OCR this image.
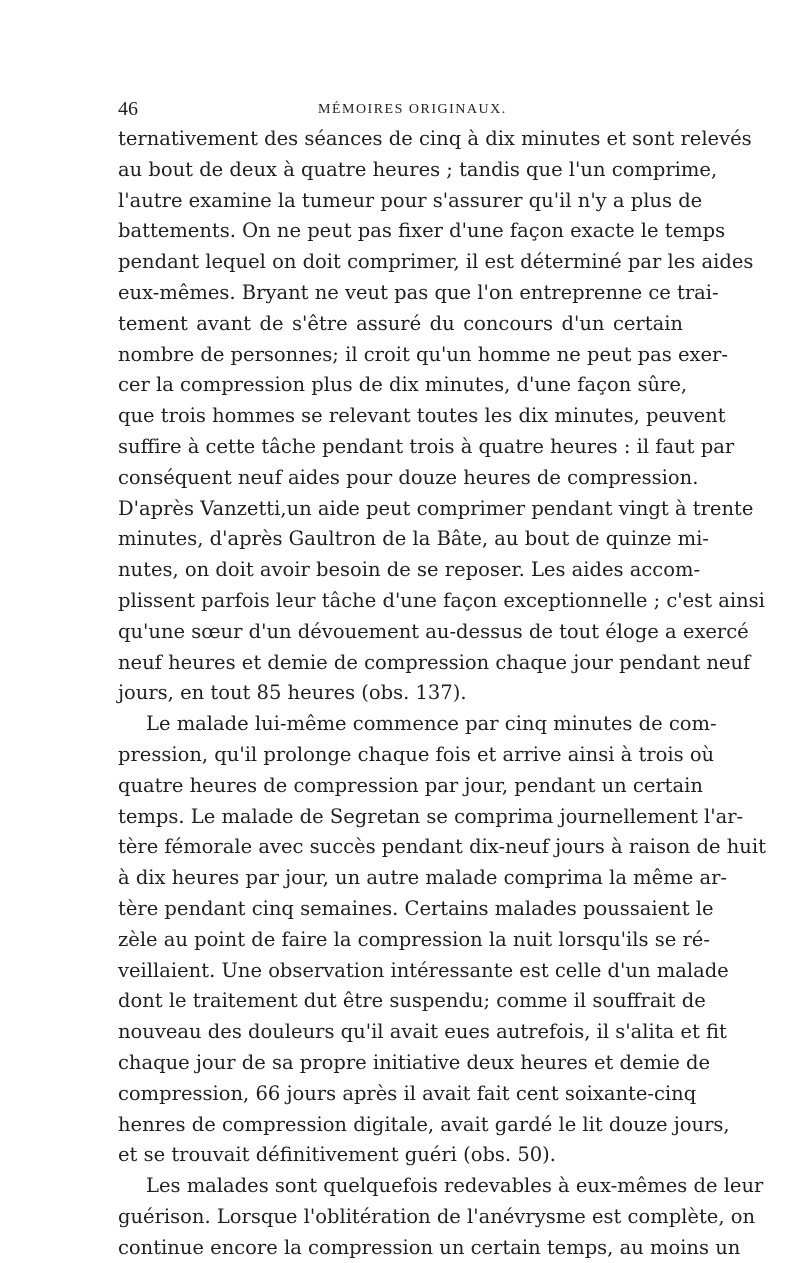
46	MÉMOIRES ORIGINAUX.
ternativement des séances de cinq à dix minutes et sont relevés
au bout de deux à quatre heures ; tandis que l'un comprime,
l'autre examine la tumeur pour s'assurer qu'il n'y a plus de
battements. On ne peut pas fixer d'une façon exacte le temps
pendant lequel on doit comprimer, il est déterminé par les aides
eux-mêmes. Bryant ne veut pas que l'on entreprenne ce trai-
tement avant de s'être assuré du concours d'un certain
nombre de personnes; il croit qu'un homme ne peut pas exer-
cer la compression plus de dix minutes, d'une façon sûre,
que trois hommes se relevant toutes les dix minutes, peuvent
suffire à cette tâche pendant trois à quatre heures : il faut par
conséquent neuf aides pour douze heures de compression.
D'après Vanzetti,un aide peut comprimer pendant vingt à trente
minutes, d'après Gaultron de la Bâte, au bout de quinze mi-
nutes, on doit avoir besoin de se reposer. Les aides accom-
plissent parfois leur tâche d'une façon exceptionnelle ; c'est ainsi
qu'une sœur d'un dévouement au-dessus de tout éloge a exercé
neuf heures et demie de compression chaque jour pendant neuf
jours, en tout 85 heures (obs. 137).
Le malade lui-même commence par cinq minutes de com-
pression, qu'il prolonge chaque fois et arrive ainsi à trois où
quatre heures de compression par jour, pendant un certain
temps. Le malade de Segretan se comprima journellement l'ar-
tère fémorale avec succès pendant dix-neuf jours à raison de huit
à dix heures par jour, un autre malade comprima la même ar-
tère pendant cinq semaines. Certains malades poussaient le
zèle au point de faire la compression la nuit lorsqu'ils se ré-
veillaient. Une observation intéressante est celle d'un malade
dont le traitement dut être suspendu; comme il souffrait de
nouveau des douleurs qu'il avait eues autrefois, il s'alita et fit
chaque jour de sa propre initiative deux heures et demie de
compression, 66 jours après il avait fait cent soixante-cinq
henres de compression digitale, avait gardé le lit douze jours,
et se trouvait définitivement guéri (obs. 50).
Les malades sont quelquefois redevables à eux-mêmes de leur
guérison. Lorsque l'oblitération de l'anévrysme est complète, on
continue encore la compression un certain temps, au moins un
